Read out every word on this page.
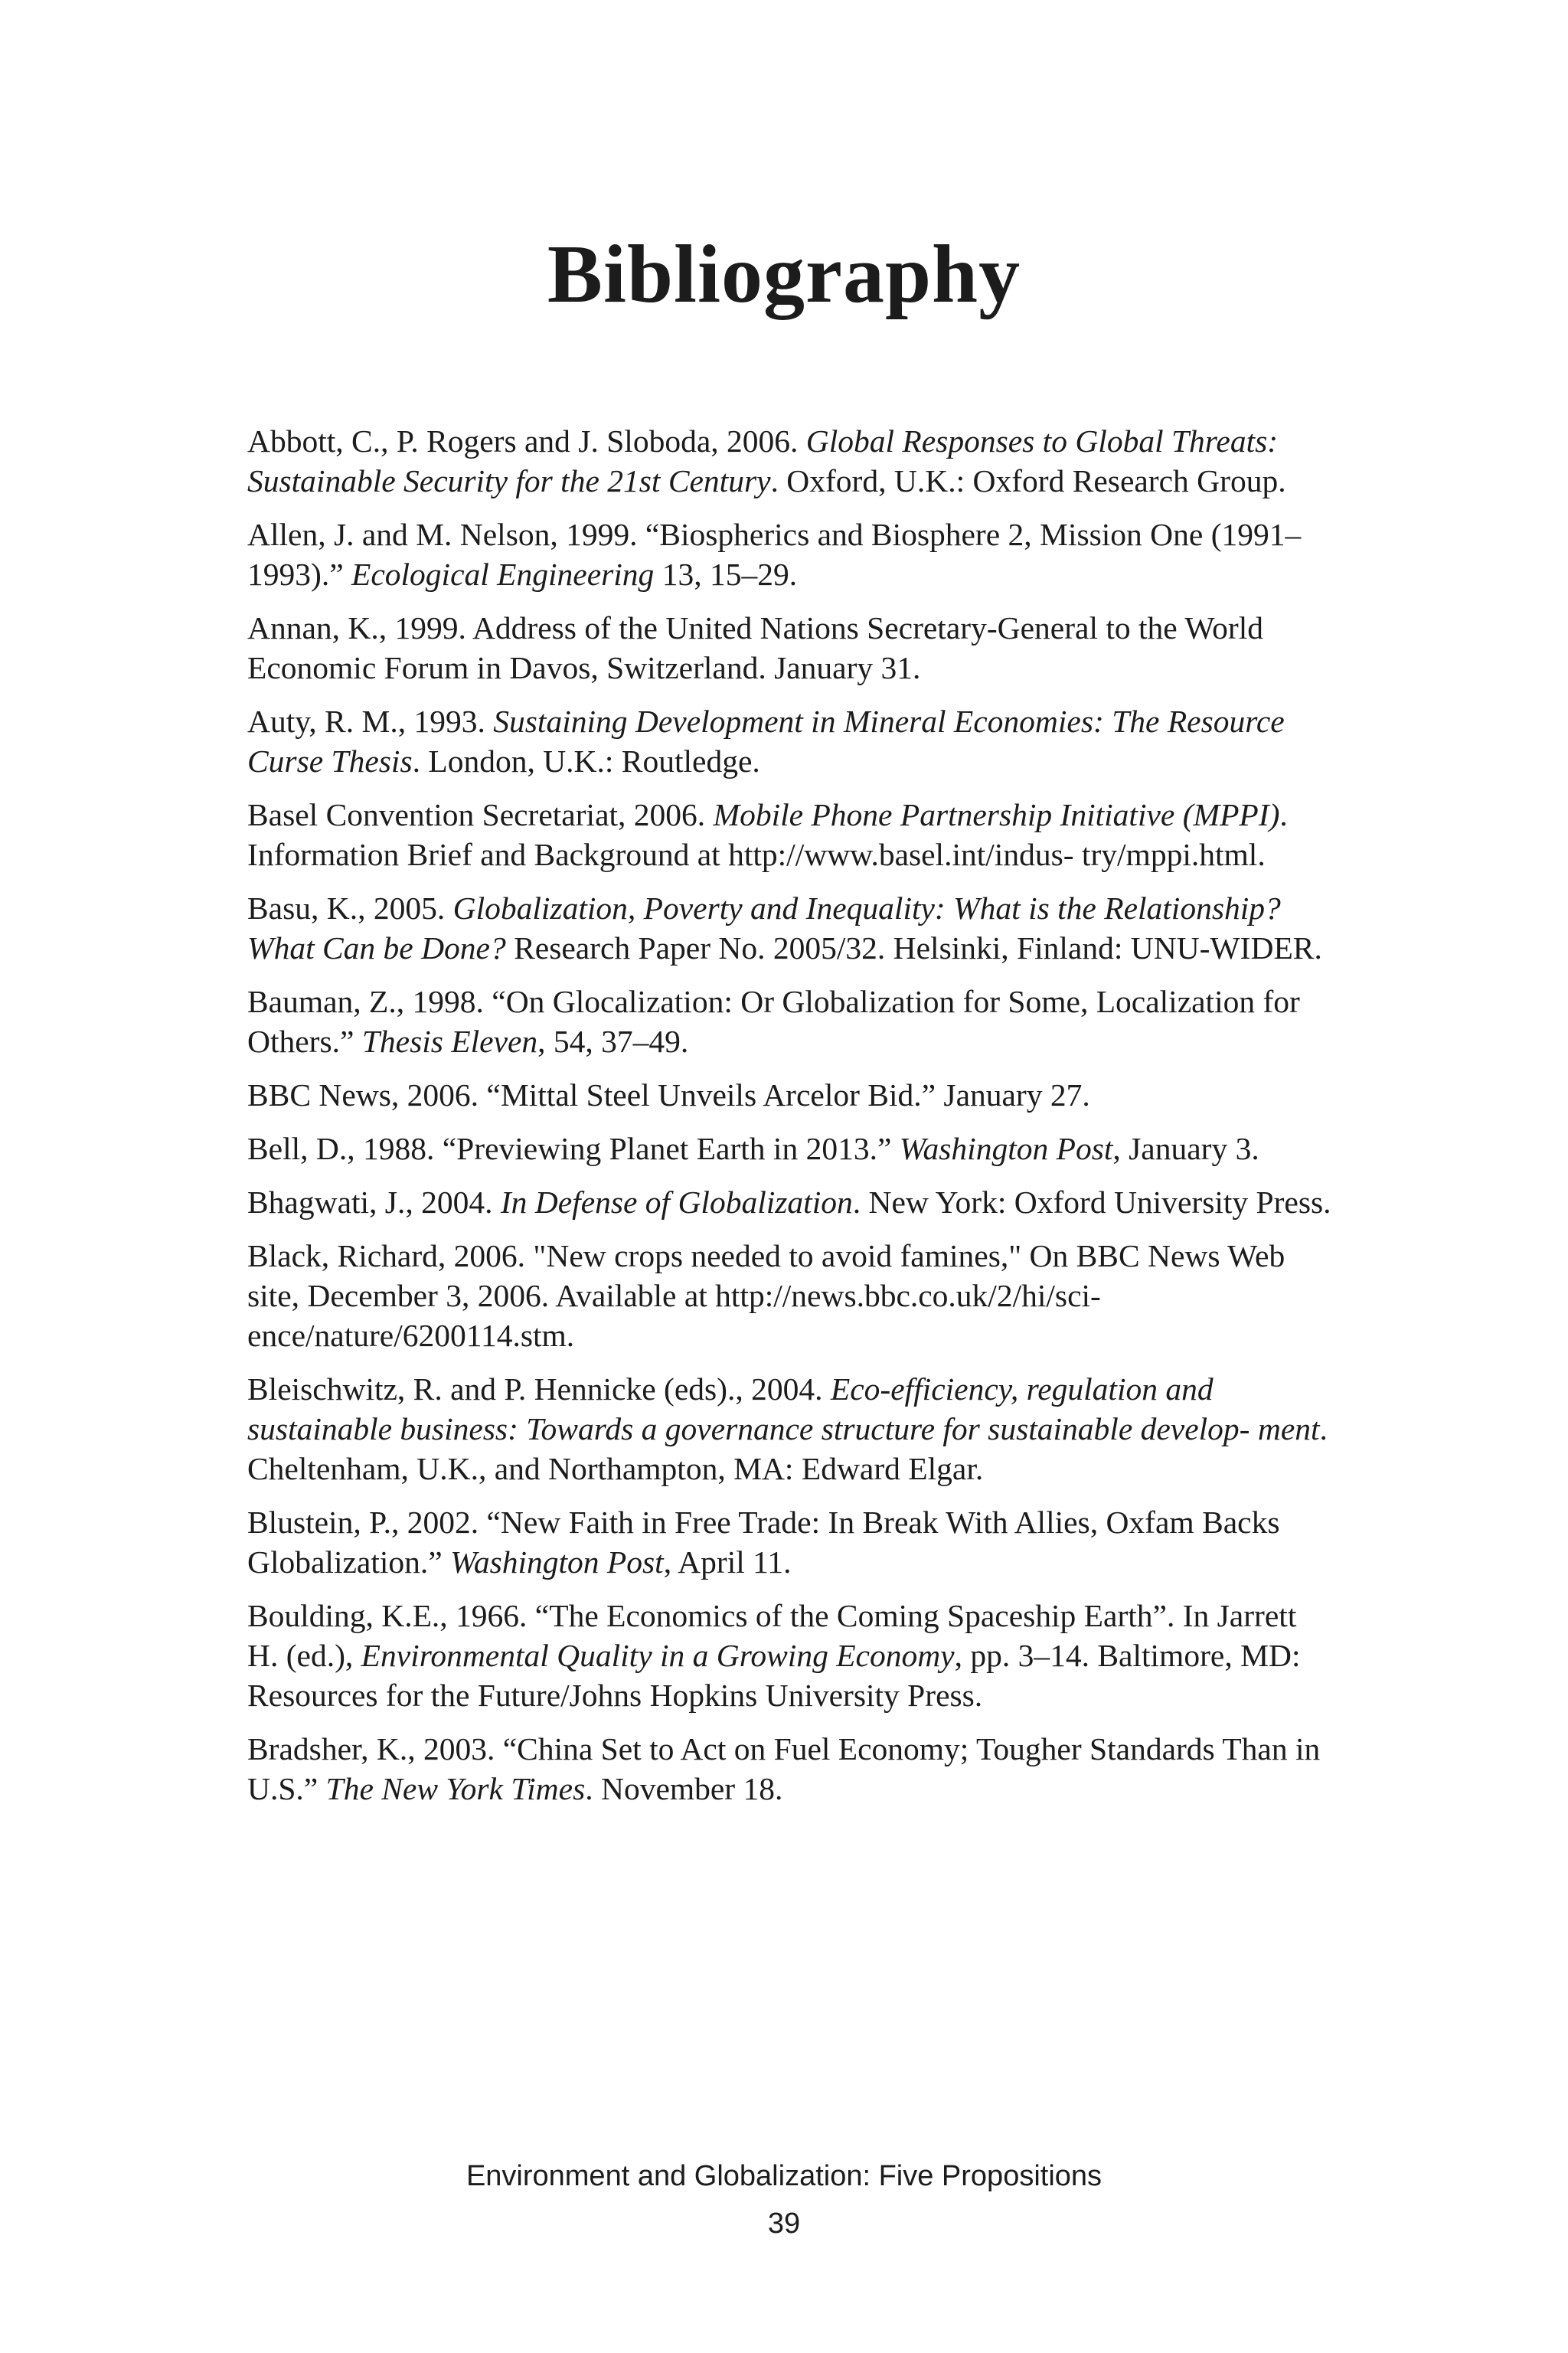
Bibliography

Abbott, C., P. Rogers and J. Sloboda, 2006. Global Responses to Global Threats: Sustainable Security for the 21st Century. Oxford, U.K.: Oxford Research Group.

Allen, J. and M. Nelson, 1999. “Biospherics and Biosphere 2, Mission One (1991–1993).” Ecological Engineering 13, 15–29.

Annan, K., 1999. Address of the United Nations Secretary-General to the World Economic Forum in Davos, Switzerland. January 31.

Auty, R. M., 1993. Sustaining Development in Mineral Economies: The Resource Curse Thesis. London, U.K.: Routledge.

Basel Convention Secretariat, 2006. Mobile Phone Partnership Initiative (MPPI). Information Brief and Background at http://www.basel.int/indus- try/mppi.html.

Basu, K., 2005. Globalization, Poverty and Inequality: What is the Relationship? What Can be Done? Research Paper No. 2005/32. Helsinki, Finland: UNU-WIDER.

Bauman, Z., 1998. “On Glocalization: Or Globalization for Some, Localization for Others.” Thesis Eleven, 54, 37–49.

BBC News, 2006. “Mittal Steel Unveils Arcelor Bid.” January 27.

Bell, D., 1988. “Previewing Planet Earth in 2013.” Washington Post, January 3.

Bhagwati, J., 2004. In Defense of Globalization. New York: Oxford University Press.

Black, Richard, 2006. "New crops needed to avoid famines," On BBC News Web site, December 3, 2006. Available at http://news.bbc.co.uk/2/hi/sci- ence/nature/6200114.stm.

Bleischwitz, R. and P. Hennicke (eds)., 2004. Eco-efficiency, regulation and sustainable business: Towards a governance structure for sustainable develop- ment. Cheltenham, U.K., and Northampton, MA: Edward Elgar.

Blustein, P., 2002. “New Faith in Free Trade: In Break With Allies, Oxfam Backs Globalization.” Washington Post, April 11.

Boulding, K.E., 1966. “The Economics of the Coming Spaceship Earth”. In Jarrett H. (ed.), Environmental Quality in a Growing Economy, pp. 3–14. Baltimore, MD: Resources for the Future/Johns Hopkins University Press.

Bradsher, K., 2003. “China Set to Act on Fuel Economy; Tougher Standards Than in U.S.” The New York Times. November 18.

Environment and Globalization: Five Propositions
39
